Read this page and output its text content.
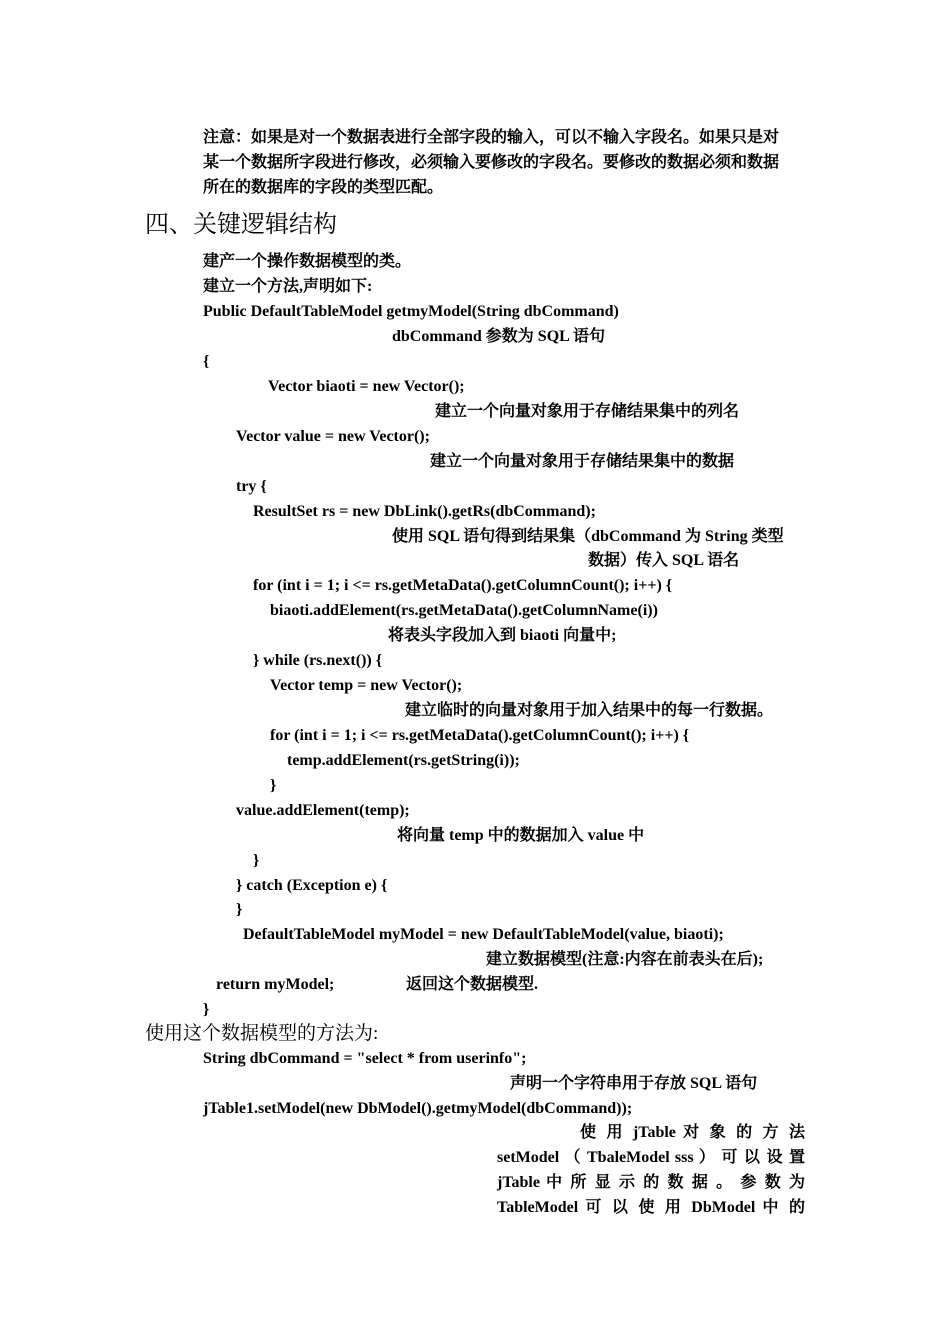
注意：如果是对一个数据表进行全部字段的输入，可以不输入字段名。如果只是对
某一个数据所字段进行修改，必须输入要修改的字段名。要修改的数据必须和数据
所在的数据库的字段的类型匹配。
四、关键逻辑结构
建产一个操作数据模型的类。
建立一个方法,声明如下:
Public DefaultTableModel getmyModel(String dbCommand)
dbCommand 参数为 SQL 语句
{
Vector biaoti = new Vector();
建立一个向量对象用于存储结果集中的列名
Vector value = new Vector();
建立一个向量对象用于存储结果集中的数据
try {
ResultSet rs = new DbLink().getRs(dbCommand);
使用 SQL 语句得到结果集（dbCommand 为 String 类型
数据）传入 SQL 语名
for (int i = 1; i <= rs.getMetaData().getColumnCount(); i++) {
biaoti.addElement(rs.getMetaData().getColumnName(i))
将表头字段加入到 biaoti 向量中;
} while (rs.next()) {
Vector temp = new Vector();
建立临时的向量对象用于加入结果中的每一行数据。
for (int i = 1; i <= rs.getMetaData().getColumnCount(); i++) {
temp.addElement(rs.getString(i));
}
value.addElement(temp);
将向量 temp 中的数据加入 value 中
}
} catch (Exception e) {
}
DefaultTableModel myModel = new DefaultTableModel(value, biaoti);
建立数据模型(注意:内容在前表头在后);
return myModel;	返回这个数据模型.
}
使用这个数据模型的方法为:
String dbCommand = "select * from userinfo";
声明一个字符串用于存放 SQL 语句
jTable1.setModel(new DbModel().getmyModel(dbCommand));
使 用 jTable 对 象 的 方 法
setModel （ TbaleModel sss ） 可 以 设 置
jTable 中 所 显 示 的 数 据 。 参 数 为
TableModel 可 以 使 用 DbModel 中 的
